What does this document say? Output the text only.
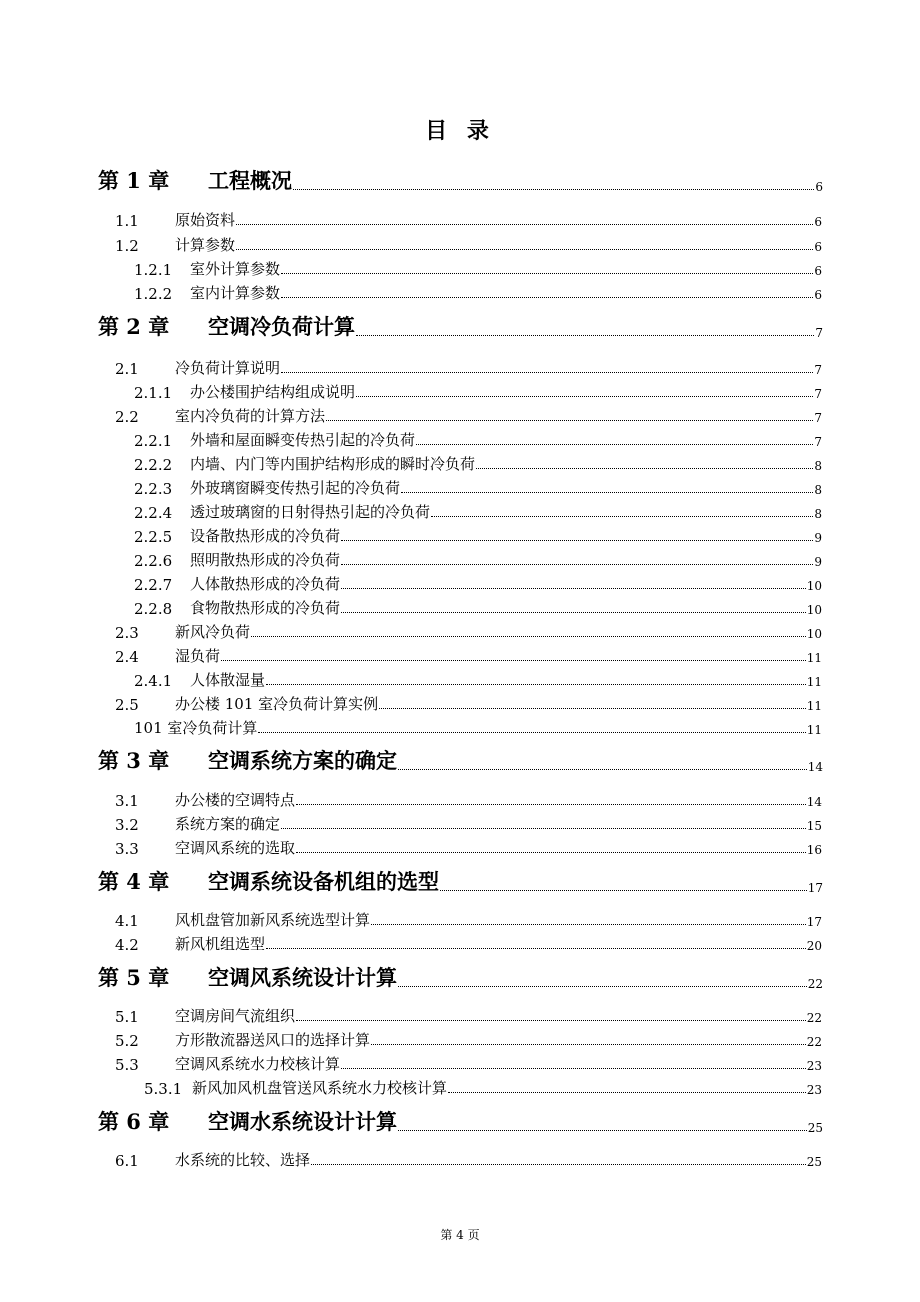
目 录
第 1 章	工程概况	6
1.1	原始资料	6
1.2	计算参数	6
1.2.1	室外计算参数	6
1.2.2	室内计算参数	6
第 2 章	空调冷负荷计算	7
2.1	冷负荷计算说明	7
2.1.1	办公楼围护结构组成说明	7
2.2	室内冷负荷的计算方法	7
2.2.1	外墙和屋面瞬变传热引起的冷负荷	7
2.2.2	内墙、内门等内围护结构形成的瞬时冷负荷	8
2.2.3	外玻璃窗瞬变传热引起的冷负荷	8
2.2.4	透过玻璃窗的日射得热引起的冷负荷	8
2.2.5	设备散热形成的冷负荷	9
2.2.6	照明散热形成的冷负荷	9
2.2.7	人体散热形成的冷负荷	10
2.2.8	食物散热形成的冷负荷	10
2.3	新风冷负荷	10
2.4	湿负荷	11
2.4.1	人体散湿量	11
2.5	办公楼 101 室冷负荷计算实例	11
101 室冷负荷计算	11
第 3 章	空调系统方案的确定	14
3.1	办公楼的空调特点	14
3.2	系统方案的确定	15
3.3	空调风系统的选取	16
第 4 章	空调系统设备机组的选型	17
4.1	风机盘管加新风系统选型计算	17
4.2	新风机组选型	20
第 5 章	空调风系统设计计算	22
5.1	空调房间气流组织	22
5.2	方形散流器送风口的选择计算	22
5.3	空调风系统水力校核计算	23
5.3.1 新风加风机盘管送风系统水力校核计算	23
第 6 章	空调水系统设计计算	25
6.1	水系统的比较、选择	25
第 4 页
